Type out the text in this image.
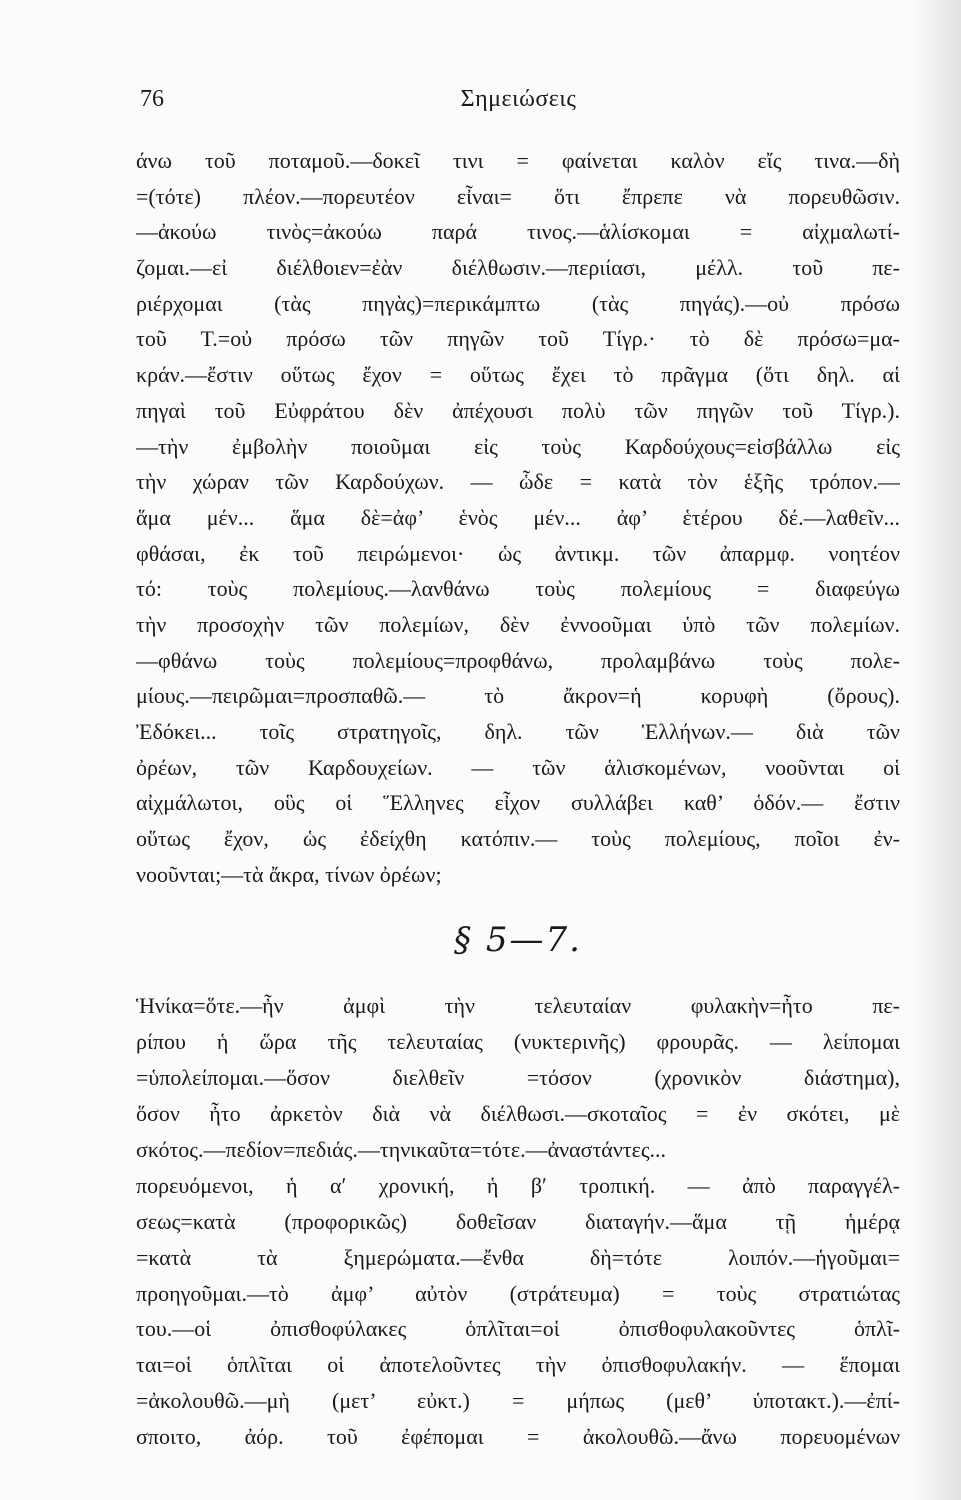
76	Σημειώσεις
άνω τοῦ ποταμοῦ.—δοκεῖ τινι = φαίνεται καλὸν εἴς τινα.—δὴ
=(τότε) πλέον.—πορευτέον εἶναι= ὅτι ἔπρεπε νὰ πορευθῶσιν.
—ἀκούω τινὸς=ἀκούω παρά τινος.—ἁλίσκομαι = αἰχμαλωτί-
ζομαι.—εἰ διέλθοιεν=ἐὰν διέλθωσιν.—περιίασι, μέλλ. τοῦ πε-
ριέρχομαι (τὰς πηγὰς)=περικάμπτω (τὰς πηγάς).—οὐ πρόσω
τοῦ Τ.=οὐ πρόσω τῶν πηγῶν τοῦ Τίγρ.· τὸ δὲ πρόσω=μα-
κράν.—ἔστιν οὕτως ἔχον = οὕτως ἔχει τὸ πρᾶγμα (ὅτι δηλ. αἱ
πηγαὶ τοῦ Εὐφράτου δὲν ἀπέχουσι πολὺ τῶν πηγῶν τοῦ Τίγρ.).
—τὴν ἐμβολὴν ποιοῦμαι εἰς τοὺς Καρδούχους=εἰσβάλλω εἰς
τὴν χώραν τῶν Καρδούχων. — ὧδε = κατὰ τὸν ἑξῆς τρόπον.—
ἅμα μέν... ἅμα δὲ=ἀφ’ ἑνὸς μέν... ἀφ’ ἑτέρου δέ.—λαθεῖν...
φθάσαι, ἐκ τοῦ πειρώμενοι· ὡς ἀντικμ. τῶν ἀπαρμφ. νοητέον
τό: τοὺς πολεμίους.—λανθάνω τοὺς πολεμίους = διαφεύγω
τὴν προσοχὴν τῶν πολεμίων, δὲν ἐννοοῦμαι ὑπὸ τῶν πολεμίων.
—φθάνω τοὺς πολεμίους=προφθάνω, προλαμβάνω τοὺς πολε-
μίους.—πειρῶμαι=προσπαθῶ.— τὸ ἄκρον=ἡ κορυφὴ (ὄρους).
Ἐδόκει... τοῖς στρατηγοῖς, δηλ. τῶν Ἑλλήνων.— διὰ τῶν
ὀρέων, τῶν Καρδουχείων. — τῶν ἁλισκομένων, νοοῦνται οἱ
αἰχμάλωτοι, οὓς οἱ Ἕλληνες εἶχον συλλάβει καθ’ ὁδόν.— ἔστιν
οὕτως ἔχον, ὡς ἐδείχθη κατόπιν.— τοὺς πολεμίους, ποῖοι ἐν-
νοοῦνται;—τὰ ἄκρα, τίνων ὀρέων;
§ 5—7.
Ἡνίκα=ὅτε.—ἦν ἀμφὶ τὴν τελευταίαν φυλακὴν=ἦτο πε-
ρίπου ἡ ὥρα τῆς τελευταίας (νυκτερινῆς) φρουρᾶς. — λείπομαι
=ὑπολείπομαι.—ὅσον διελθεῖν =τόσον (χρονικὸν διάστημα),
ὅσον ἦτο ἀρκετὸν διὰ νὰ διέλθωσι.—σκοταῖος = ἐν σκότει, μὲ
σκότος.—πεδίον=πεδιάς.—τηνικαῦτα=τότε.—ἀναστάντες...
πορευόμενοι, ἡ αʹ χρονική, ἡ βʹ τροπική. — ἀπὸ παραγγέλ-
σεως=κατὰ (προφορικῶς) δοθεῖσαν διαταγήν.—ἅμα τῇ ἡμέρᾳ
=κατὰ τὰ ξημερώματα.—ἔνθα δὴ=τότε λοιπόν.—ἡγοῦμαι=
προηγοῦμαι.—τὸ ἀμφ’ αὐτὸν (στράτευμα) = τοὺς στρατιώτας
του.—οἱ ὀπισθοφύλακες ὁπλῖται=οἱ ὀπισθοφυλακοῦντες ὁπλῖ-
ται=οἱ ὁπλῖται οἱ ἀποτελοῦντες τὴν ὀπισθοφυλακήν. — ἕπομαι
=ἀκολουθῶ.—μὴ (μετ’ εὐκτ.) = μήπως (μεθ’ ὑποτακτ.).—ἐπί-
σποιτο, ἀόρ. τοῦ ἐφέπομαι = ἀκολουθῶ.—ἄνω πορευομένων
